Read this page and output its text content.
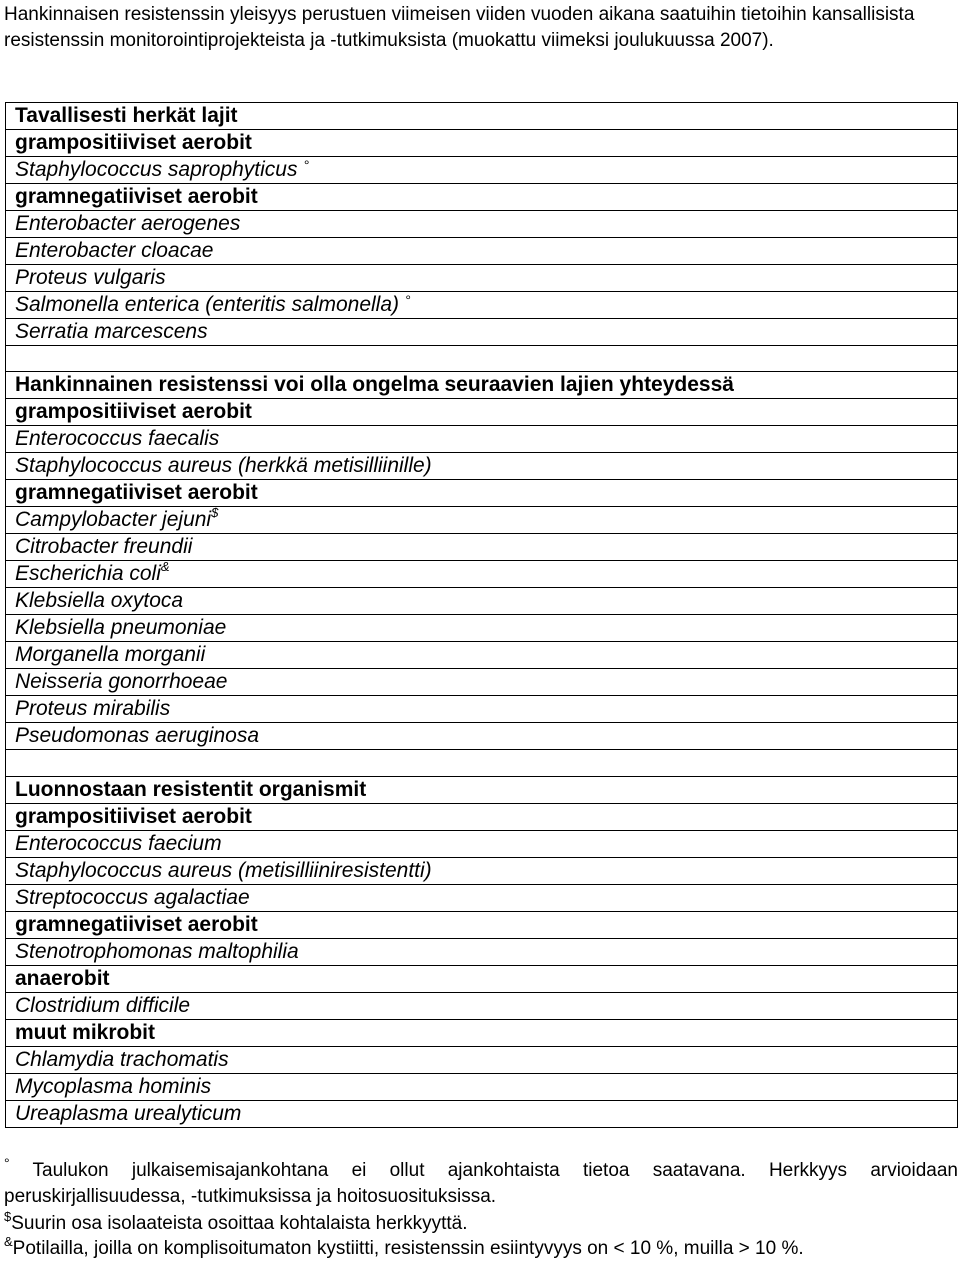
Hankinnaisen resistenssin yleisyys perustuen viimeisen viiden vuoden aikana saatuihin tietoihin kansallisista resistenssin monitorointiprojekteista ja -tutkimuksista (muokattu viimeksi joulukuussa 2007).

Tavallisesti herkät lajit
grampositiiviset aerobit
Staphylococcus saprophyticus °
gramnegatiiviset aerobit
Enterobacter aerogenes
Enterobacter cloacae
Proteus vulgaris
Salmonella enterica (enteritis salmonella) °
Serratia marcescens

Hankinnainen resistenssi voi olla ongelma seuraavien lajien yhteydessä
grampositiiviset aerobit
Enterococcus faecalis
Staphylococcus aureus (herkkä metisilliinille)
gramnegatiiviset aerobit
Campylobacter jejuni$
Citrobacter freundii
Escherichia coli&
Klebsiella oxytoca
Klebsiella pneumoniae
Morganella morganii
Neisseria gonorrhoeae
Proteus mirabilis
Pseudomonas aeruginosa

Luonnostaan resistentit organismit
grampositiiviset aerobit
Enterococcus faecium
Staphylococcus aureus (metisilliiniresistentti)
Streptococcus agalactiae
gramnegatiiviset aerobit
Stenotrophomonas maltophilia
anaerobit
Clostridium difficile
muut mikrobit
Chlamydia trachomatis
Mycoplasma hominis
Ureaplasma urealyticum

° Taulukon julkaisemisajankohtana ei ollut ajankohtaista tietoa saatavana. Herkkyys arvioidaan peruskirjallisuudessa, -tutkimuksissa ja hoitosuosituksissa.

$Suurin osa isolaateista osoittaa kohtalaista herkkyyttä.

&Potilailla, joilla on komplisoitumaton kystiitti, resistenssin esiintyvyys on < 10 %, muilla > 10 %.
